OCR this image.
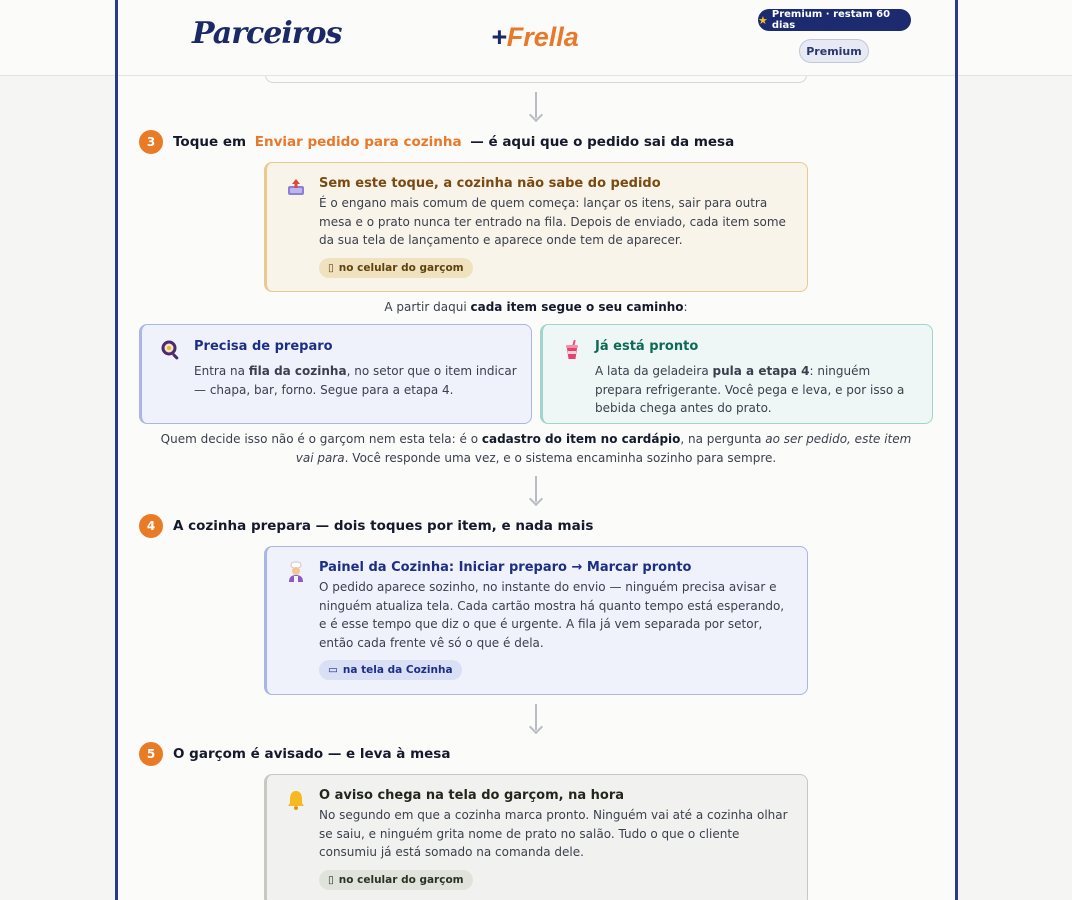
Parceiros	+Frella
★ Premium · restam 60 dias
Premium
3	Toque em Enviar pedido para cozinha — é aqui que o pedido sai da mesa
Sem este toque, a cozinha não sabe do pedido
É o engano mais comum de quem começa: lançar os itens, sair para outra mesa e o prato nunca ter entrado na fila. Depois de enviado, cada item some da sua tela de lançamento e aparece onde tem de aparecer.
▯ no celular do garçom
A partir daqui cada item segue o seu caminho:
Precisa de preparo
Entra na fila da cozinha, no setor que o item indicar — chapa, bar, forno. Segue para a etapa 4.
Já está pronto
A lata da geladeira pula a etapa 4: ninguém prepara refrigerante. Você pega e leva, e por isso a bebida chega antes do prato.
Quem decide isso não é o garçom nem esta tela: é o cadastro do item no cardápio, na pergunta ao ser pedido, este item vai para. Você responde uma vez, e o sistema encaminha sozinho para sempre.
4	A cozinha prepara — dois toques por item, e nada mais
Painel da Cozinha: Iniciar preparo → Marcar pronto
O pedido aparece sozinho, no instante do envio — ninguém precisa avisar e ninguém atualiza tela. Cada cartão mostra há quanto tempo está esperando, e é esse tempo que diz o que é urgente. A fila já vem separada por setor, então cada frente vê só o que é dela.
▭ na tela da Cozinha
5	O garçom é avisado — e leva à mesa
O aviso chega na tela do garçom, na hora
No segundo em que a cozinha marca pronto. Ninguém vai até a cozinha olhar se saiu, e ninguém grita nome de prato no salão. Tudo o que o cliente consumiu já está somado na comanda dele.
▯ no celular do garçom
